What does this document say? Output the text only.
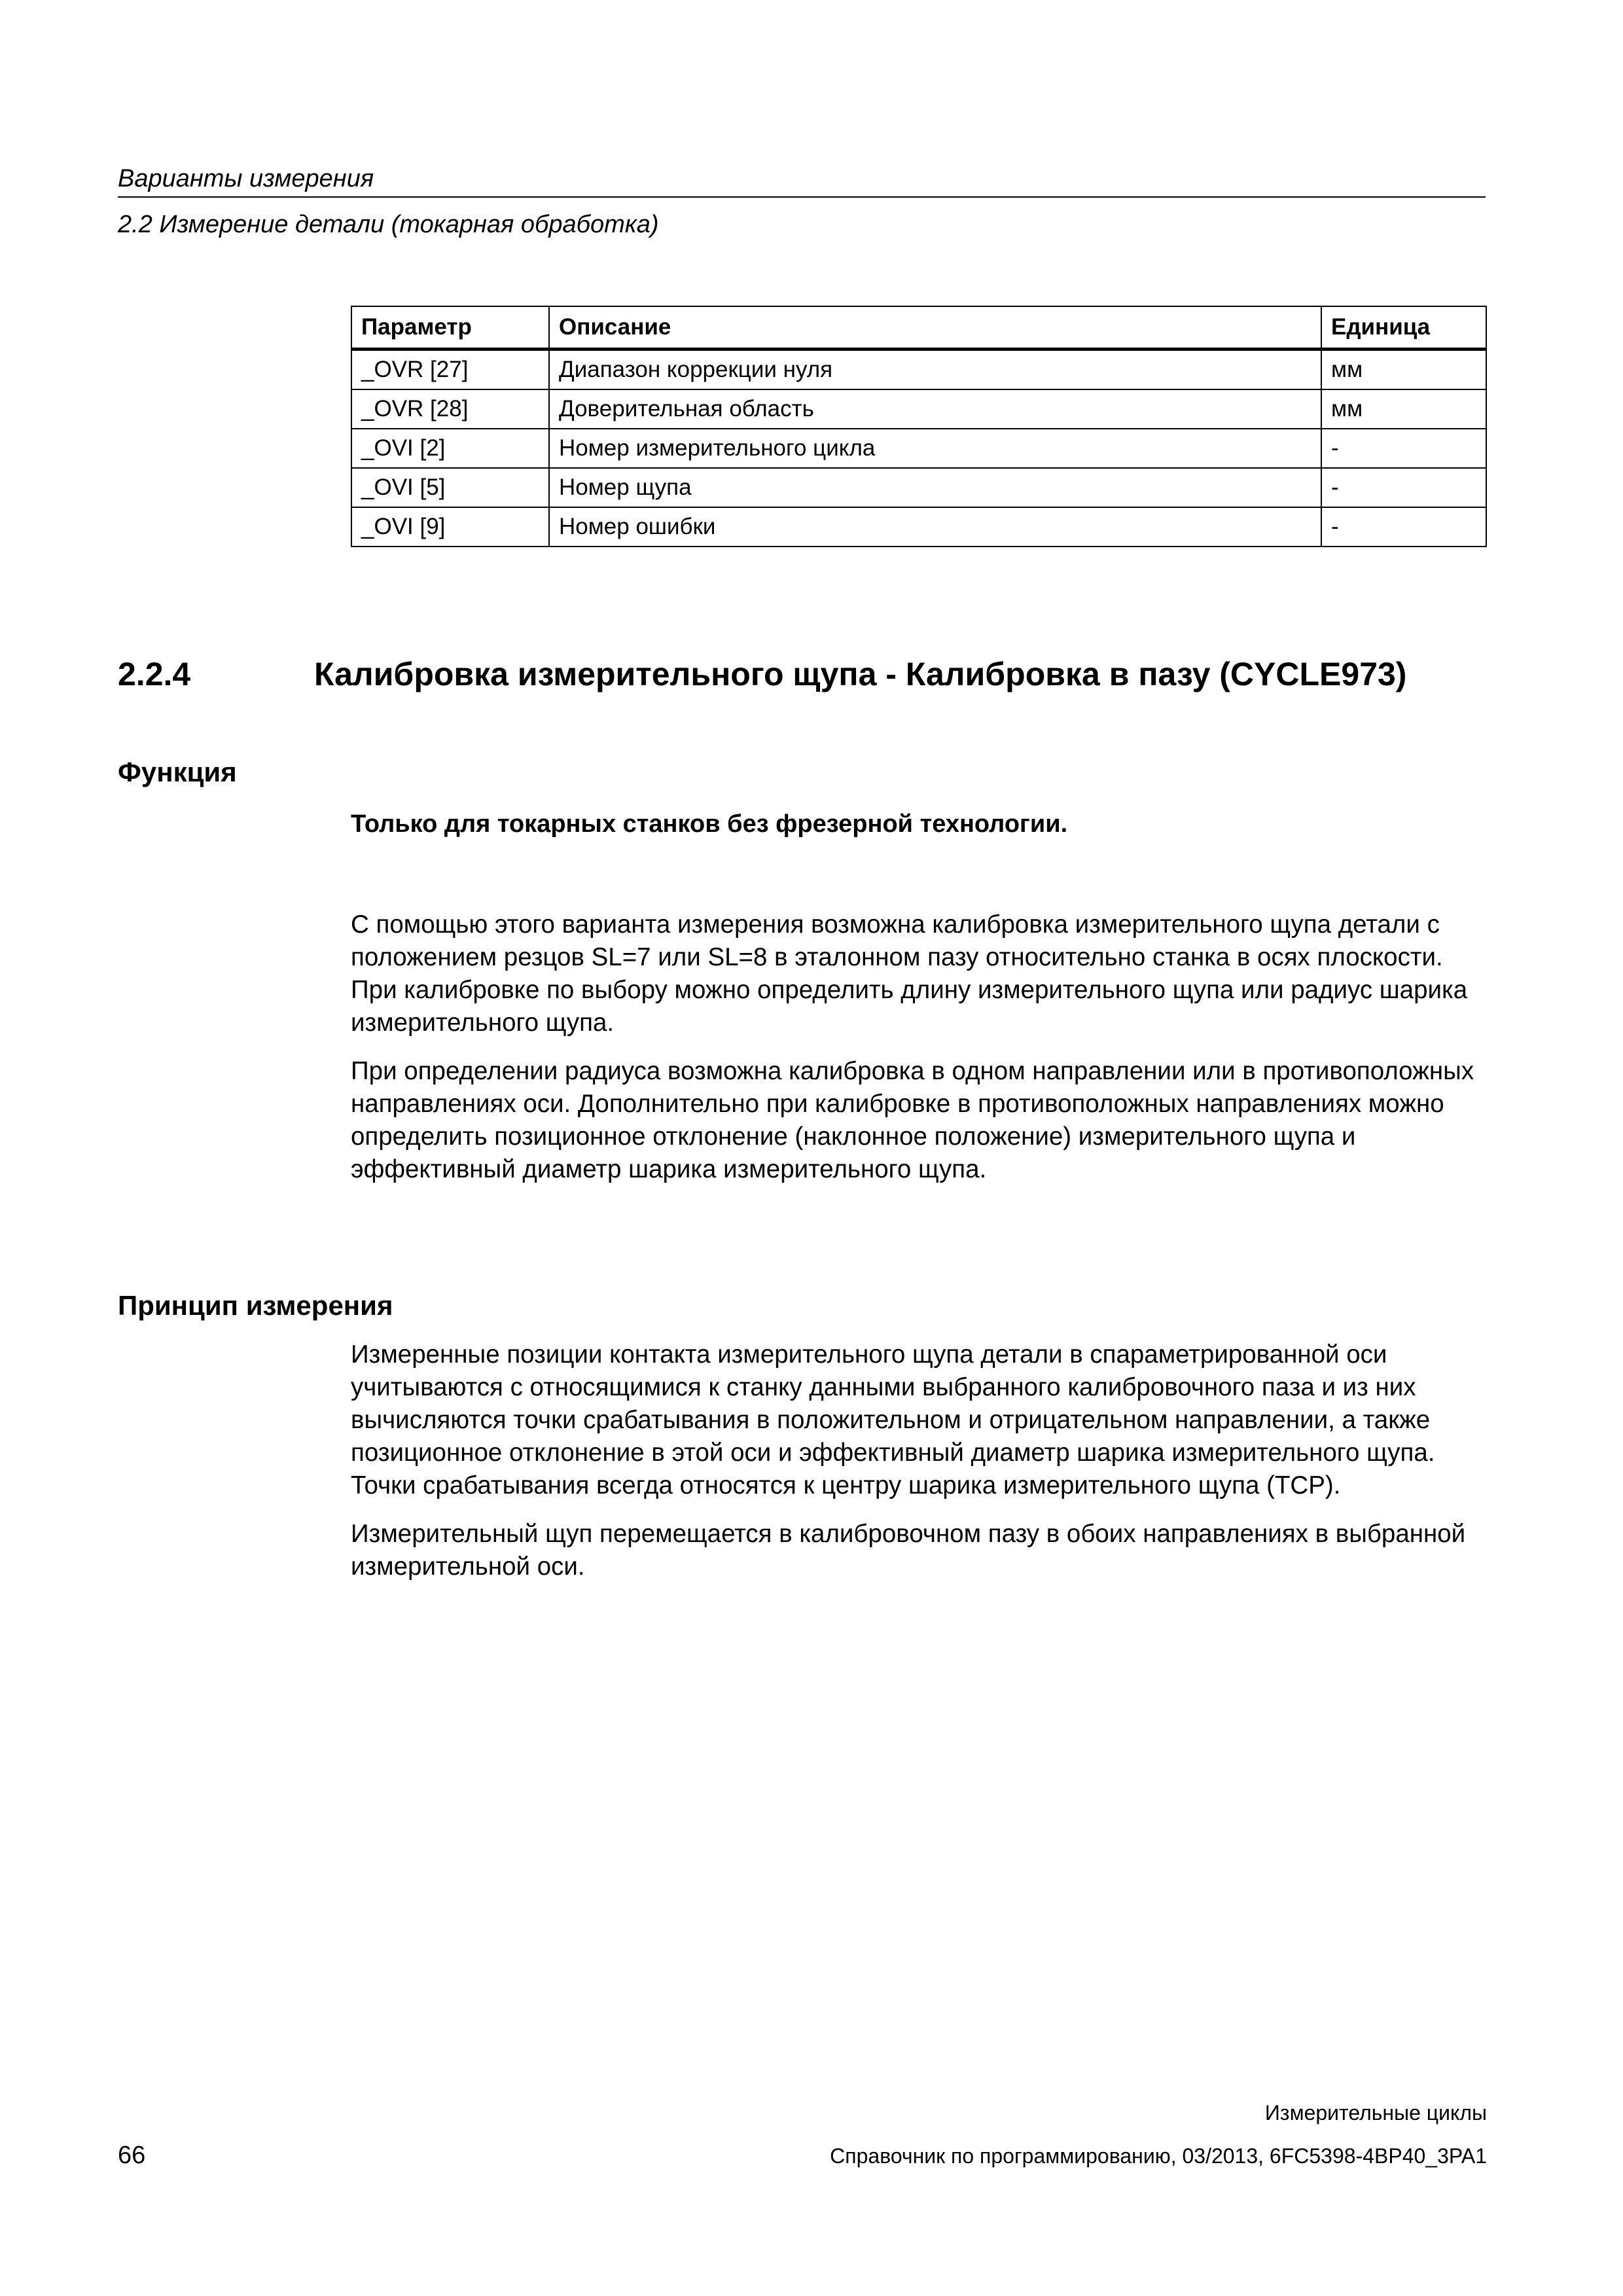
Варианты измерения
2.2 Измерение детали (токарная обработка)
Параметр	Описание	Единица
_OVR [27]	Диапазон коррекции нуля	мм
_OVR [28]	Доверительная область	мм
_OVI [2]	Номер измерительного цикла	-
_OVI [5]	Номер щупа	-
_OVI [9]	Номер ошибки	-
2.2.4	Калибровка измерительного щупа - Калибровка в пазу (CYCLE973)
Функция
Только для токарных станков без фрезерной технологии.

С помощью этого варианта измерения возможна калибровка измерительного щупа детали с положением резцов SL=7 или SL=8 в эталонном пазу относительно станка в осях плоскости. При калибровке по выбору можно определить длину измерительного щупа или радиус шарика измерительного щупа.

При определении радиуса возможна калибровка в одном направлении или в противоположных направлениях оси. Дополнительно при калибровке в противоположных направлениях можно определить позиционное отклонение (наклонное положение) измерительного щупа и эффективный диаметр шарика измерительного щупа.

Принцип измерения

Измеренные позиции контакта измерительного щупа детали в спараметрированной оси учитываются с относящимися к станку данными выбранного калибровочного паза и из них вычисляются точки срабатывания в положительном и отрицательном направлении, а также позиционное отклонение в этой оси и эффективный диаметр шарика измерительного щупа. Точки срабатывания всегда относятся к центру шарика измерительного щупа (TCP).

Измерительный щуп перемещается в калибровочном пазу в обоих направлениях в выбранной измерительной оси.

Измерительные циклы
Справочник по программированию, 03/2013, 6FC5398-4BP40_3PA1
66
